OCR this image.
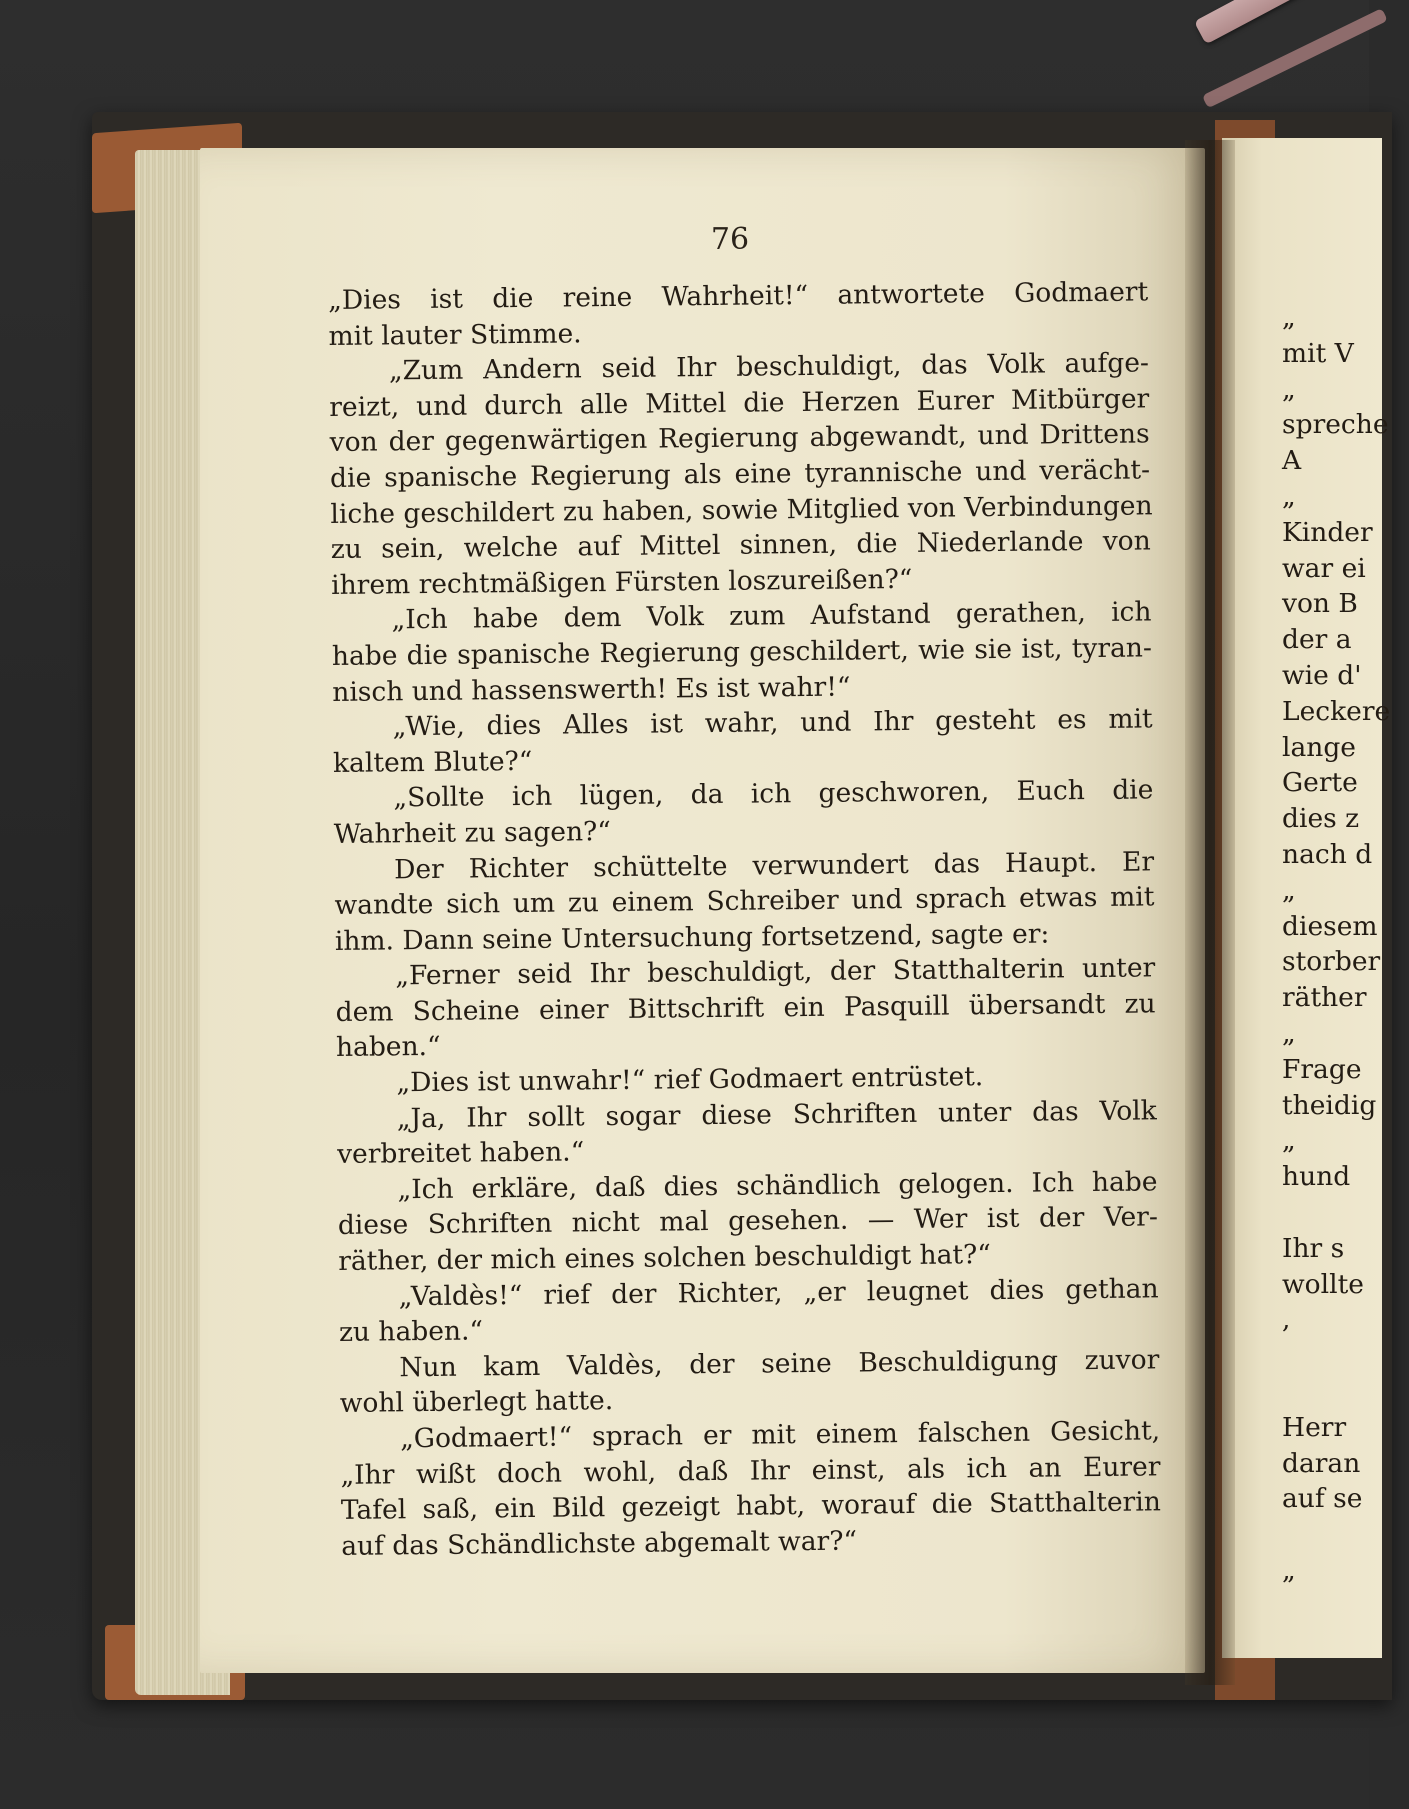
76

„Dies ist die reine Wahrheit!“ antwortete Godmaert
mit lauter Stimme.
„Zum Andern seid Ihr beschuldigt, das Volk aufge-
reizt, und durch alle Mittel die Herzen Eurer Mitbürger
von der gegenwärtigen Regierung abgewandt, und Drittens
die spanische Regierung als eine tyrannische und verächt-
liche geschildert zu haben, sowie Mitglied von Verbindungen
zu sein, welche auf Mittel sinnen, die Niederlande von
ihrem rechtmäßigen Fürsten loszureißen?“
„Ich habe dem Volk zum Aufstand gerathen, ich
habe die spanische Regierung geschildert, wie sie ist, tyran-
nisch und hassenswerth! Es ist wahr!“
„Wie, dies Alles ist wahr, und Ihr gesteht es mit
kaltem Blute?“
„Sollte ich lügen, da ich geschworen, Euch die
Wahrheit zu sagen?“
Der Richter schüttelte verwundert das Haupt. Er
wandte sich um zu einem Schreiber und sprach etwas mit
ihm. Dann seine Untersuchung fortsetzend, sagte er:
„Ferner seid Ihr beschuldigt, der Statthalterin unter
dem Scheine einer Bittschrift ein Pasquill übersandt zu
haben.“
„Dies ist unwahr!“ rief Godmaert entrüstet.
„Ja, Ihr sollt sogar diese Schriften unter das Volk
verbreitet haben.“
„Ich erkläre, daß dies schändlich gelogen. Ich habe
diese Schriften nicht mal gesehen. — Wer ist der Ver-
räther, der mich eines solchen beschuldigt hat?“
„Valdès!“ rief der Richter, „er leugnet dies gethan
zu haben.“
Nun kam Valdès, der seine Beschuldigung zuvor
wohl überlegt hatte.
„Godmaert!“ sprach er mit einem falschen Gesicht,
„Ihr wißt doch wohl, daß Ihr einst, als ich an Eurer
Tafel saß, ein Bild gezeigt habt, worauf die Statthalterin
auf das Schändlichste abgemalt war?“
„
mit V
„
spreche
A
„
Kinder
war ei
von B
der a
wie d'
Leckere
lange
Gerte
dies z
nach d
„
diesem
storber
räther
„
Frage
theidig
„
hund
Ihr s
wollte
,
Herr
daran
auf se
„
